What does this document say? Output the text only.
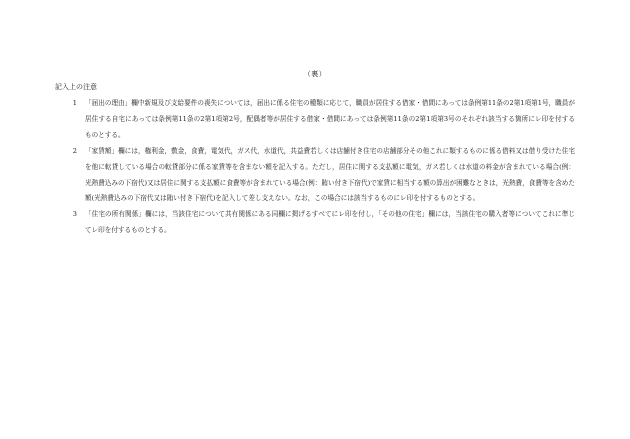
（裏）
記入上の注意
1	「届出の理由」欄中新規及び支給要件の喪失については，届出に係る住宅の種類に応じて，職員が居住する借家・借間にあっては条例第11条の2第1項第1号，職員が居住する自宅にあっては条例第11条の2第1項第2号，配偶者等が居住する借家・借間にあっては条例第11条の2第1項第3号のそれぞれ該当する箇所にレ印を付するものとする。
2	「家賃額」欄には，権利金，敷金，食費，電気代，ガス代，水道代，共益費若しくは店舗付き住宅の店舗部分その他これに類するものに係る借料又は借り受けた住宅を他に転貸している場合の転貸部分に係る家賃等を含まない額を記入する。ただし，居住に関する支払額に電気，ガス若しくは水道の料金が含まれている場合(例：光熱費込みの下宿代)又は居住に関する支払額に食費等が含まれている場合(例：賄い付き下宿代)で家賃に相当する額の算出が困難なときは，光熱費，食費等を含めた額(光熱費込みの下宿代又は賄い付き下宿代)を記入して差し支えない。なお，この場合には該当するものにレ印を付するものとする。
3	「住宅の所有関係」欄には，当該住宅について共有関係にある同欄に掲げるすべてにレ印を付し，「その他の住宅」欄には，当該住宅の購入者等についてこれに準じてレ印を付するものとする。
